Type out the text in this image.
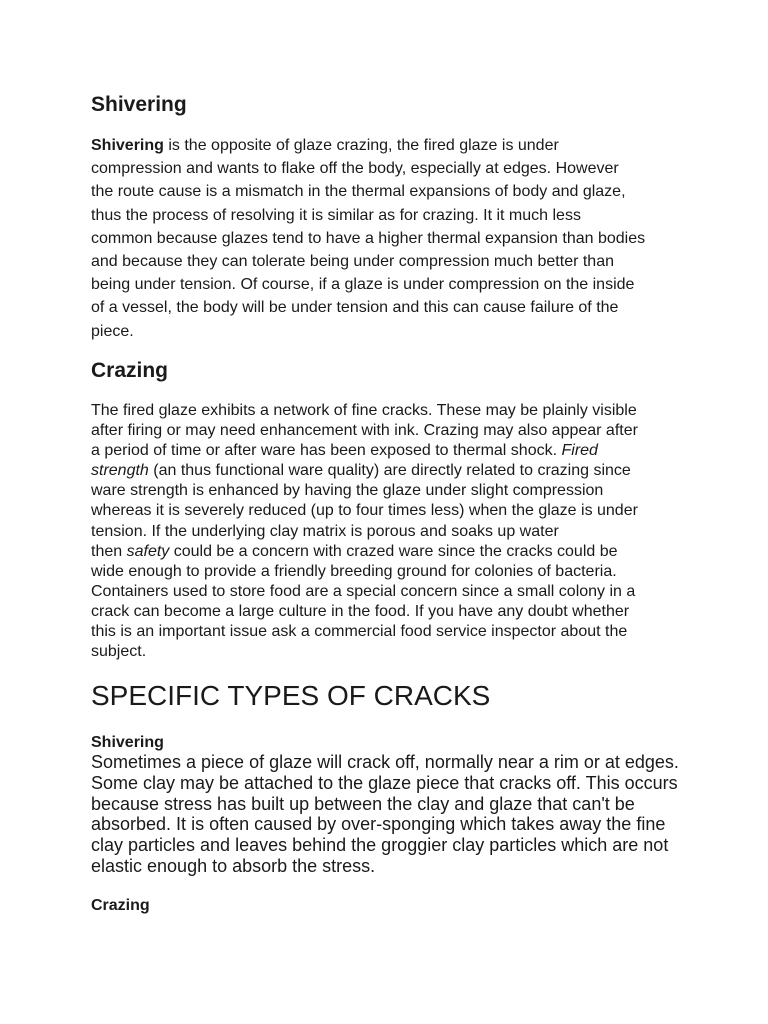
Shivering

Shivering is the opposite of glaze crazing, the fired glaze is under
compression and wants to flake off the body, especially at edges. However
the route cause is a mismatch in the thermal expansions of body and glaze,
thus the process of resolving it is similar as for crazing. It it much less
common because glazes tend to have a higher thermal expansion than bodies
and because they can tolerate being under compression much better than
being under tension. Of course, if a glaze is under compression on the inside
of a vessel, the body will be under tension and this can cause failure of the
piece.

Crazing

The fired glaze exhibits a network of fine cracks. These may be plainly visible
after firing or may need enhancement with ink. Crazing may also appear after
a period of time or after ware has been exposed to thermal shock. Fired
strength (an thus functional ware quality) are directly related to crazing since
ware strength is enhanced by having the glaze under slight compression
whereas it is severely reduced (up to four times less) when the glaze is under
tension. If the underlying clay matrix is porous and soaks up water
then safety could be a concern with crazed ware since the cracks could be
wide enough to provide a friendly breeding ground for colonies of bacteria.
Containers used to store food are a special concern since a small colony in a
crack can become a large culture in the food. If you have any doubt whether
this is an important issue ask a commercial food service inspector about the
subject.

SPECIFIC TYPES OF CRACKS
Shivering

Sometimes a piece of glaze will crack off, normally near a rim or at edges.
Some clay may be attached to the glaze piece that cracks off. This occurs
because stress has built up between the clay and glaze that can't be
absorbed. It is often caused by over-sponging which takes away the fine
clay particles and leaves behind the groggier clay particles which are not
elastic enough to absorb the stress.

Crazing
